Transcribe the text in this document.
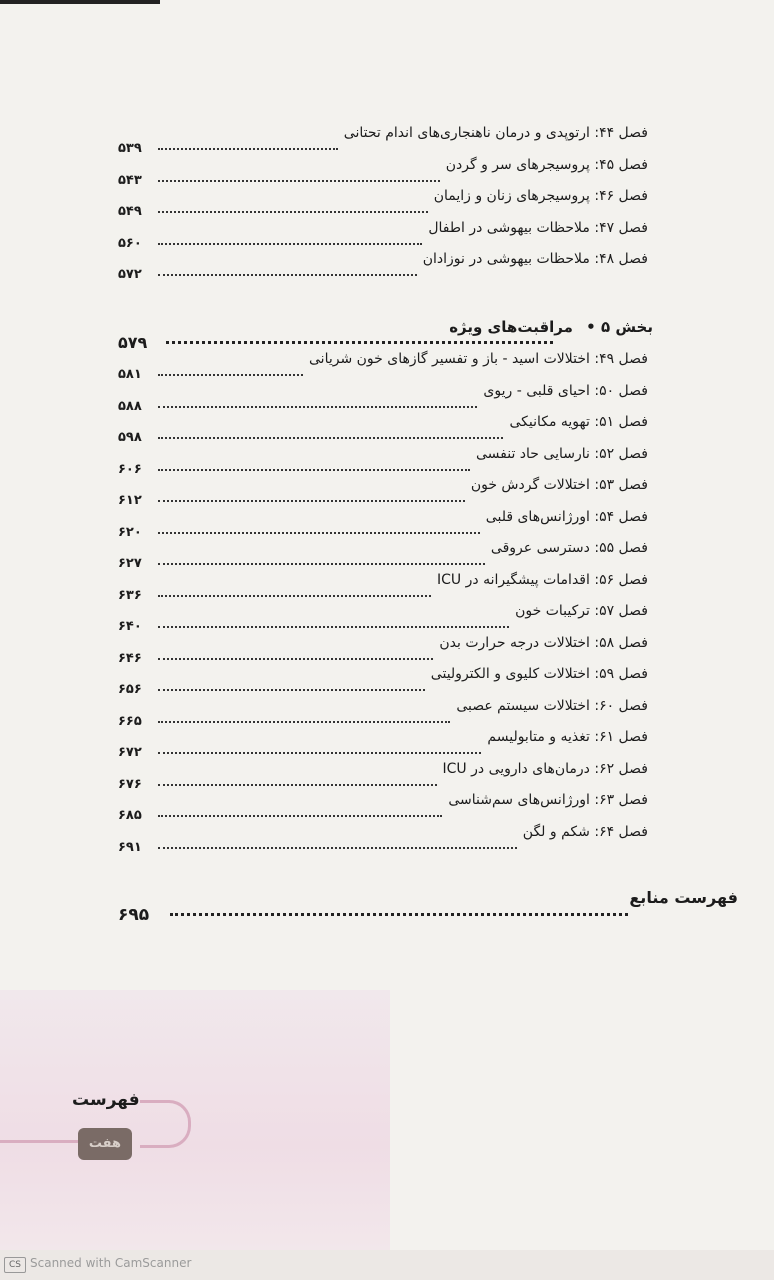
فصل ۴۴: ارتوپدی و درمان ناهنجاری‌های اندام تحتانی
۵۳۹
فصل ۴۵: پروسیجرهای سر و گردن
۵۴۳
فصل ۴۶: پروسیجرهای زنان و زایمان
۵۴۹
فصل ۴۷: ملاحظات بیهوشی در اطفال
۵۶۰
فصل ۴۸: ملاحظات بیهوشی در نوزادان
۵۷۲
بخش ۵ • مراقبت‌های ویژه
۵۷۹
فصل ۴۹: اختلالات اسید - باز و تفسیر گازهای خون شریانی
۵۸۱
فصل ۵۰: احیای قلبی - ریوی
۵۸۸
فصل ۵۱: تهویه مکانیکی
۵۹۸
فصل ۵۲: نارسایی حاد تنفسی
۶۰۶
فصل ۵۳: اختلالات گردش خون
۶۱۲
فصل ۵۴: اورژانس‌های قلبی
۶۲۰
فصل ۵۵: دسترسی عروقی
۶۲۷
فصل ۵۶: اقدامات پیشگیرانه در ICU
۶۳۶
فصل ۵۷: ترکیبات خون
۶۴۰
فصل ۵۸: اختلالات درجه حرارت بدن
۶۴۶
فصل ۵۹: اختلالات کلیوی و الکترولیتی
۶۵۶
فصل ۶۰: اختلالات سیستم عصبی
۶۶۵
فصل ۶۱: تغذیه و متابولیسم
۶۷۲
فصل ۶۲: درمان‌های دارویی در ICU
۶۷۶
فصل ۶۳: اورژانس‌های سم‌شناسی
۶۸۵
فصل ۶۴: شکم و لگن
۶۹۱
فهرست منابع
۶۹۵
فهرست
هفت
CS Scanned with CamScanner
